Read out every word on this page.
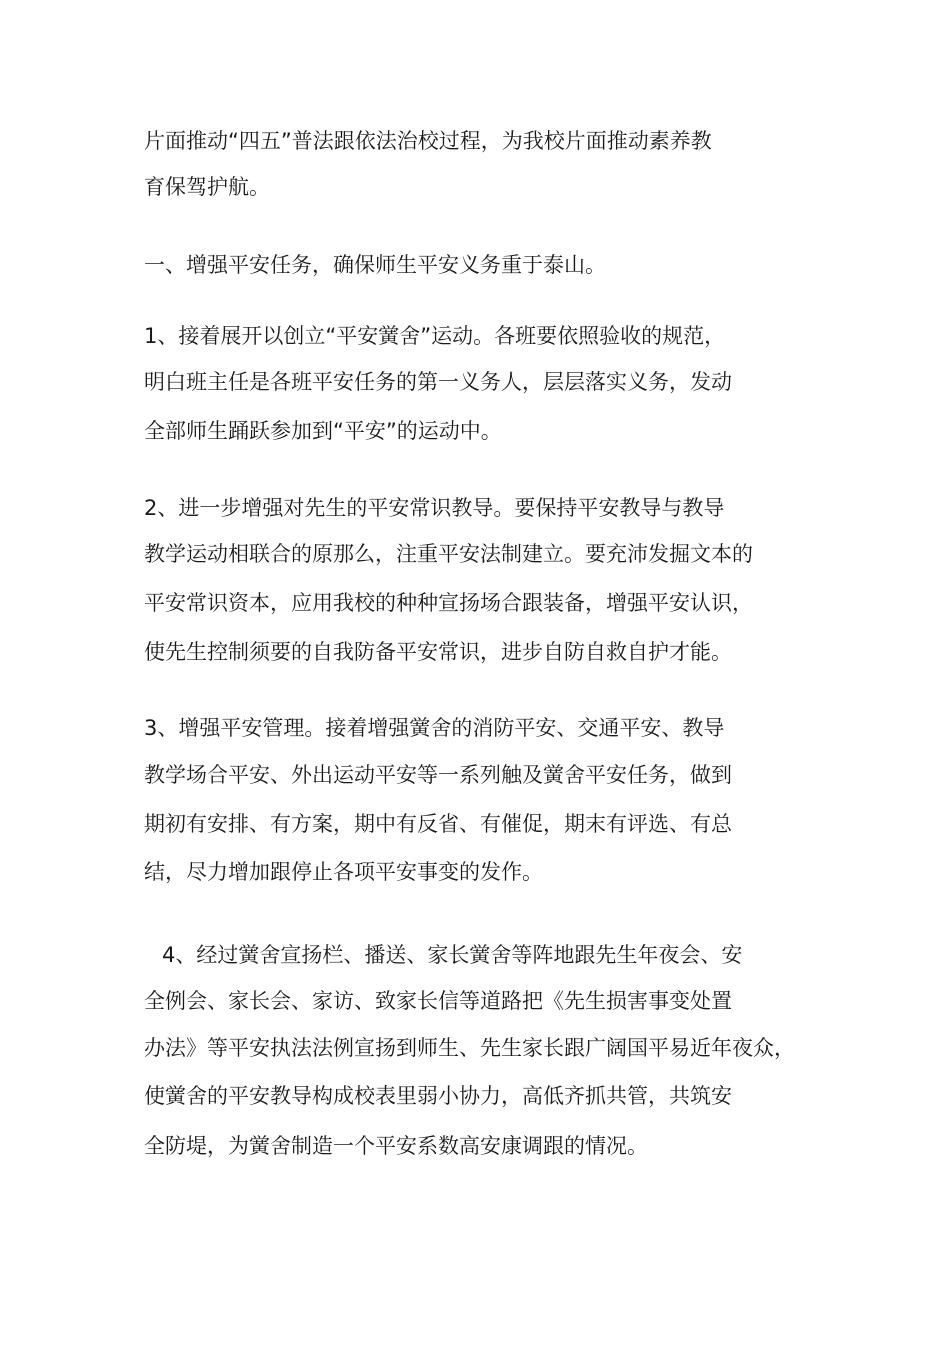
片面推动“四五”普法跟依法治校过程，为我校片面推动素养教
育保驾护航。
一、增强平安任务，确保师生平安义务重于泰山。
1、接着展开以创立“平安黉舍”运动。各班要依照验收的规范，
明白班主任是各班平安任务的第一义务人，层层落实义务，发动
全部师生踊跃参加到“平安”的运动中。
2、进一步增强对先生的平安常识教导。要保持平安教导与教导
教学运动相联合的原那么，注重平安法制建立。要充沛发掘文本的
平安常识资本，应用我校的种种宣扬场合跟装备，增强平安认识，
使先生控制须要的自我防备平安常识，进步自防自救自护才能。
3、增强平安管理。接着增强黉舍的消防平安、交通平安、教导
教学场合平安、外出运动平安等一系列触及黉舍平安任务，做到
期初有安排、有方案，期中有反省、有催促，期末有评选、有总
结，尽力增加跟停止各项平安事变的发作。
4、经过黉舍宣扬栏、播送、家长黉舍等阵地跟先生年夜会、安
全例会、家长会、家访、致家长信等道路把《先生损害事变处置
办法》等平安执法法例宣扬到师生、先生家长跟广阔国平易近年夜众，
使黉舍的平安教导构成校表里弱小协力，高低齐抓共管，共筑安
全防堤，为黉舍制造一个平安系数高安康调跟的情况。
